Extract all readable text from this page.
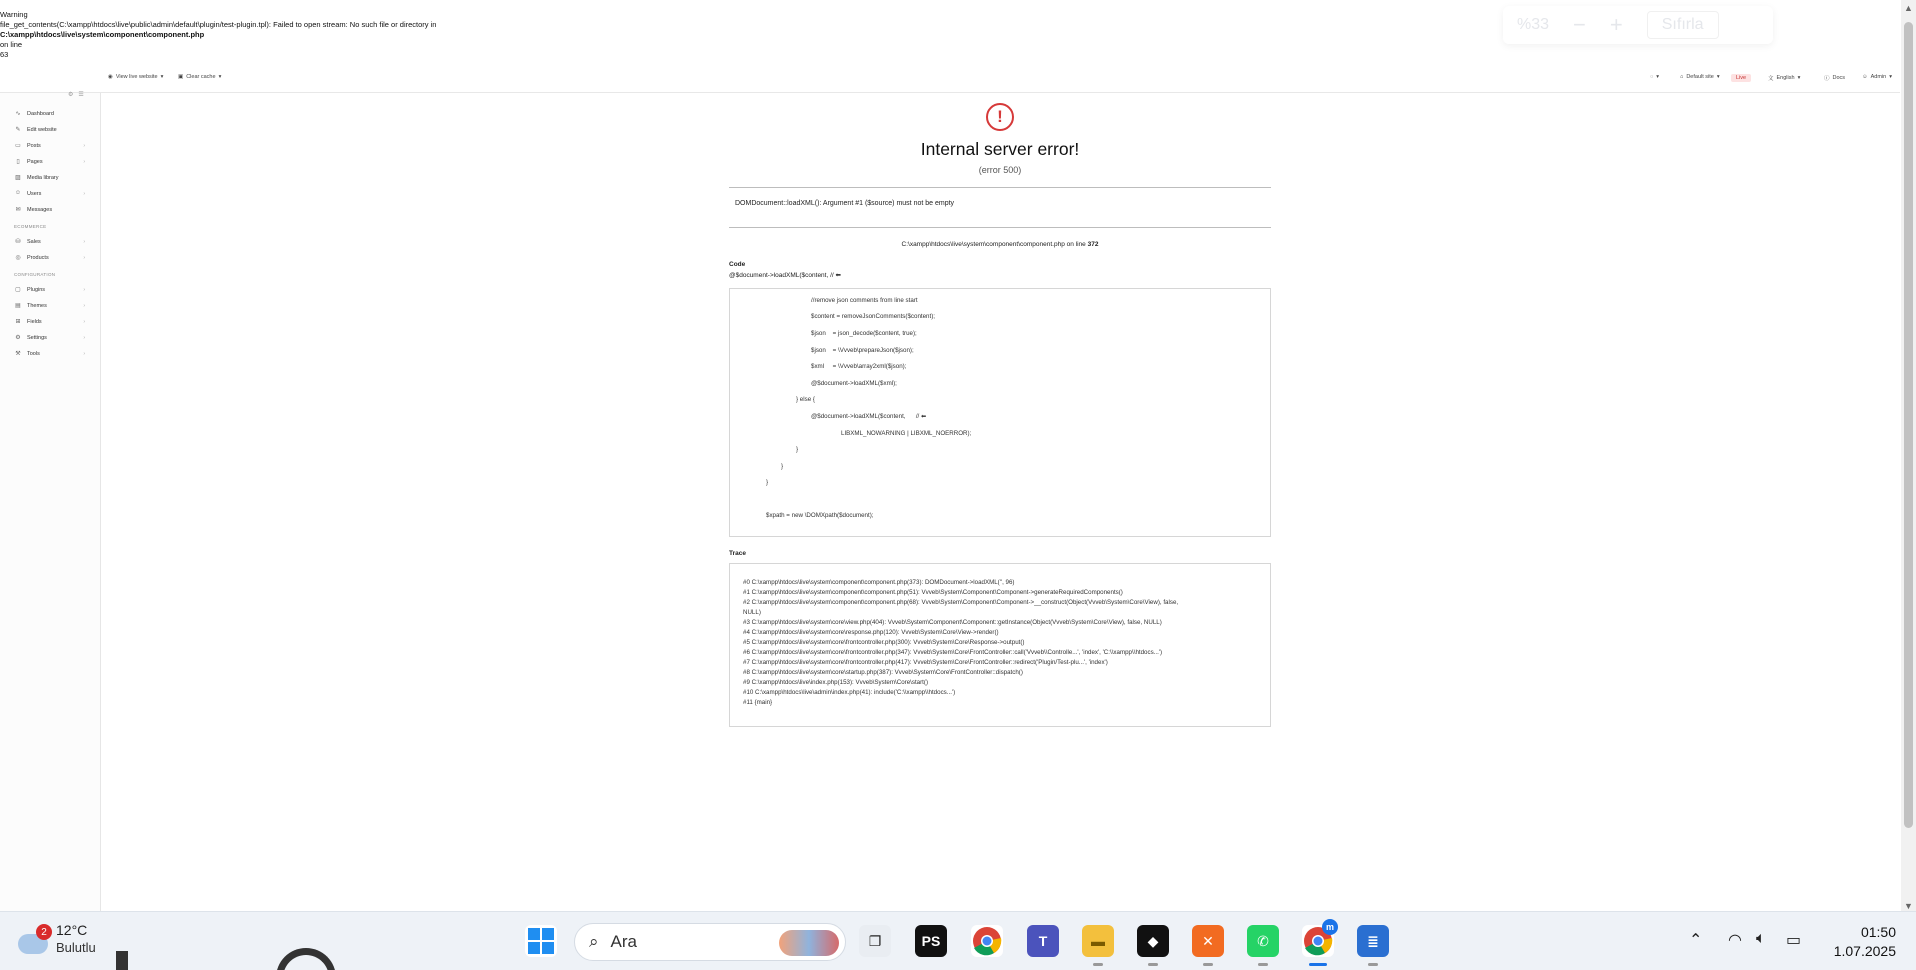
Warning
file_get_contents(C:\xampp\htdocs\live\public\admin\default\plugin/test-plugin.tpl): Failed to open stream: No such file or directory in
C:\xampp\htdocs\live\system\component\component.php
on line
63
%33 − +	Sıfırla
◉ View live website ▾	▣ Clear cache ▾	◌ ▾	⌂ Default site ▾	Live	文 English ▾	ⓘ Docs	☺ Admin ▾
⚙☰
∿ Dashboard
✎ Edit website
▭ Posts	›
▯	Pages	›
▨ Media library
☺ Users	›
✉ Messages
ECOMMERCE
⛁ Sales	›
◎ Products	›
CONFIGURATION
▢ Plugins	›
▤ Themes	›
⊞ Fields	›
⚙ Settings	›
⚒ Tools	›
!
Internal server error!
(error 500)
DOMDocument::loadXML(): Argument #1 ($source) must not be empty
C:\xampp\htdocs\live\system\component\component.php on line 372
Code
@$document->loadXML($content, // ⬅
//remove json comments from line start
$content = removeJsonComments($content);
$json    = json_decode($content, true);
$json    = \Vvveb\prepareJson($json);
$xml     = \Vvveb\array2xml($json);
@$document->loadXML($xml);
} else {
@$document->loadXML($content,      // ⬅
LIBXML_NOWARNING | LIBXML_NOERROR);
}
}
}
$xpath = new \DOMXpath($document);
Trace
#0 C:\xampp\htdocs\live\system\component\component.php(373): DOMDocument->loadXML('', 96)
#1 C:\xampp\htdocs\live\system\component\component.php(51): Vvveb\System\Component\Component->generateRequiredComponents()
#2 C:\xampp\htdocs\live\system\component\component.php(68): Vvveb\System\Component\Component->__construct(Object(Vvveb\System\Core\View), false,
NULL)
#3 C:\xampp\htdocs\live\system\core\view.php(404): Vvveb\System\Component\Component::getInstance(Object(Vvveb\System\Core\View), false, NULL)
#4 C:\xampp\htdocs\live\system\core\response.php(120): Vvveb\System\Core\View->render()
#5 C:\xampp\htdocs\live\system\core\frontcontroller.php(300): Vvveb\System\Core\Response->output()
#6 C:\xampp\htdocs\live\system\core\frontcontroller.php(347): Vvveb\System\Core\FrontController::call('Vvveb\\Controlle...', 'index', 'C:\\xampp\\htdocs...')
#7 C:\xampp\htdocs\live\system\core\frontcontroller.php(417): Vvveb\System\Core\FrontController::redirect('Plugin/Test-plu...', 'index')
#8 C:\xampp\htdocs\live\system\core\startup.php(387): Vvveb\System\Core\FrontController::dispatch()
#9 C:\xampp\htdocs\live\index.php(153): Vvveb\System\Core\start()
#10 C:\xampp\htdocs\live\admin\index.php(41): include('C:\\xampp\\htdocs...')
#11 {main}
▲
▼
2 12°C
Bulutlu	⌕ Ara	❐	PS	T	▬	◆	✕	✆
m
≣	⌃ ◠ 🔈︎ ▭	01:50
1.07.2025
